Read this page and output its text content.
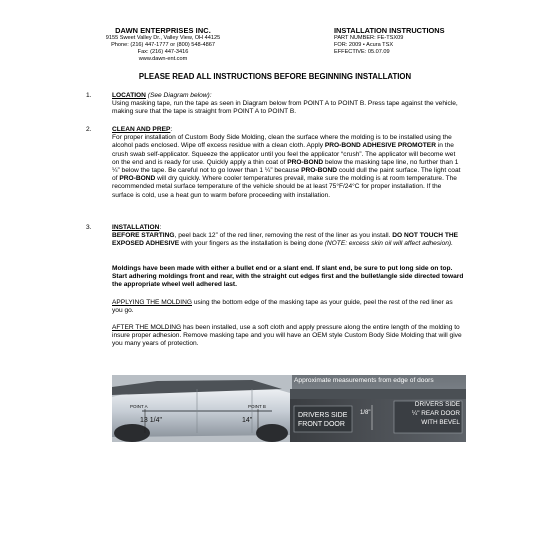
DAWN ENTERPRISES INC.
9155 Sweet Valley Dr., Valley View, OH 44125
Phone: (216) 447-1777 or (800) 548-4867
Fax: (216) 447-3416
www.dawn-ent.com
INSTALLATION INSTRUCTIONS
PART NUMBER: FE-TSX09
FOR: 2009 • Acura TSX
EFFECTIVE: 05.07.09
PLEASE READ ALL INSTRUCTIONS BEFORE BEGINNING INSTALLATION
1.	LOCATION (See Diagram below):
Using masking tape, run the tape as seen in Diagram below from POINT A to POINT B. Press tape against the vehicle, making sure that the tape is straight from POINT A to POINT B.
2.	CLEAN AND PREP:
For proper installation of Custom Body Side Molding, clean the surface where the molding is to be installed using the alcohol pads enclosed. Wipe off excess residue with a clean cloth. Apply PRO-BOND ADHESIVE PROMOTER in the crush swab self-applicator. Squeeze the applicator until you feel the applicator “crush”. The applicator will become wet on the end and is ready for use. Quickly apply a thin coat of PRO-BOND below the masking tape line, no further than 1 ¼” below the tape. Be careful not to go lower than 1 ¼” because PRO-BOND could dull the paint surface. The light coat of PRO-BOND will dry quickly. Where cooler temperatures prevail, make sure the molding is at room temperature. The recommended metal surface temperature of the vehicle should be at least 75°F/24°C for proper installation. If the surface is cold, use a heat gun to warm before proceeding with installation.
3.	INSTALLATION:
BEFORE STARTING, peel back 12” of the red liner, removing the rest of the liner as you install. DO NOT TOUCH THE EXPOSED ADHESIVE with your fingers as the installation is being done (NOTE: excess skin oil will affect adhesion).
Moldings have been made with either a bullet end or a slant end. If slant end, be sure to put long side on top. Start adhering moldings front and rear, with the straight cut edges first and the bullet/angle side directed toward the appropriate wheel well adhered last.
APPLYING THE MOLDING using the bottom edge of the masking tape as your guide, peel the rest of the red liner as you go.
AFTER THE MOLDING has been installed, use a soft cloth and apply pressure along the entire length of the molding to insure proper adhesion. Remove masking tape and you will have an OEM style Custom Body Side Molding that will give you many years of protection.
Approximate measurements from edge of doors
POINT A	POINT B
13 1/4"	14"
DRIVERS SIDE
FRONT DOOR
1/8"
DRIVERS SIDE
¼" REAR DOOR
WITH BEVEL
